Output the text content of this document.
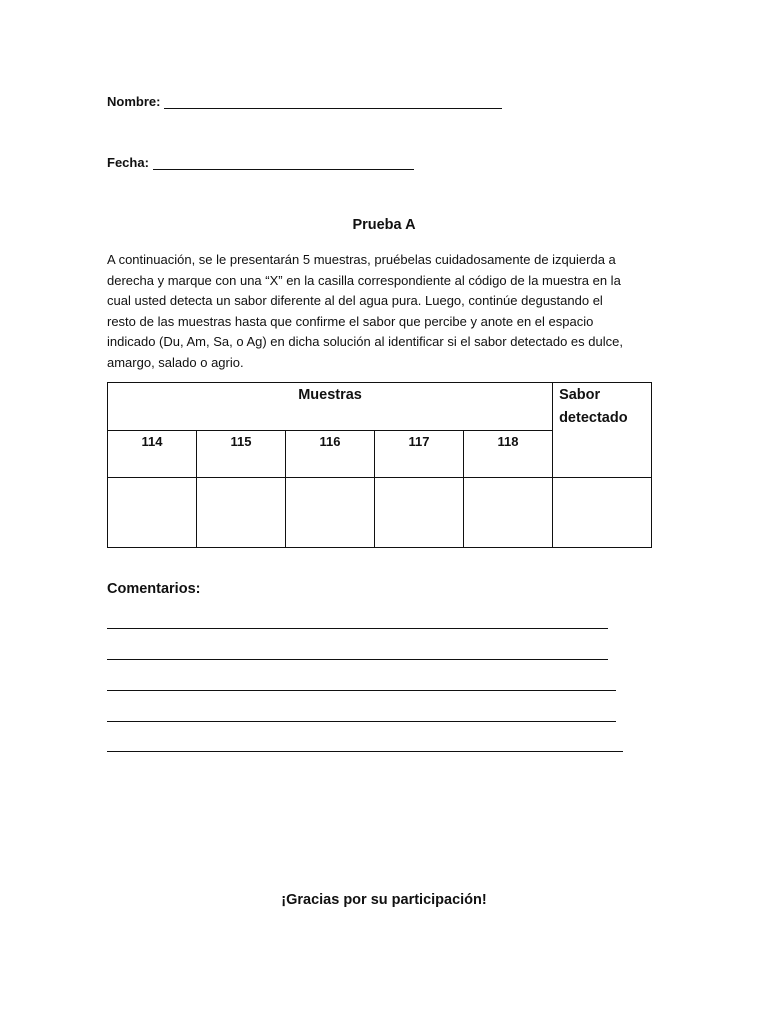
Nombre:
Fecha:
Prueba A

A continuación, se le presentarán 5 muestras, pruébelas cuidadosamente de izquierda a

derecha y marque con una “X” en la casilla correspondiente al código de la muestra en la

cual usted detecta un sabor diferente al del agua pura. Luego, continúe degustando el

resto de las muestras hasta que confirme el sabor que percibe y anote en el espacio

indicado (Du, Am, Sa, o Ag) en dicha solución al identificar si el sabor detectado es dulce,

amargo, salado o agrio.

Muestras					Sabor
detectado

114	115	116	117	118	

Comentarios:
¡Gracias por su participación!
